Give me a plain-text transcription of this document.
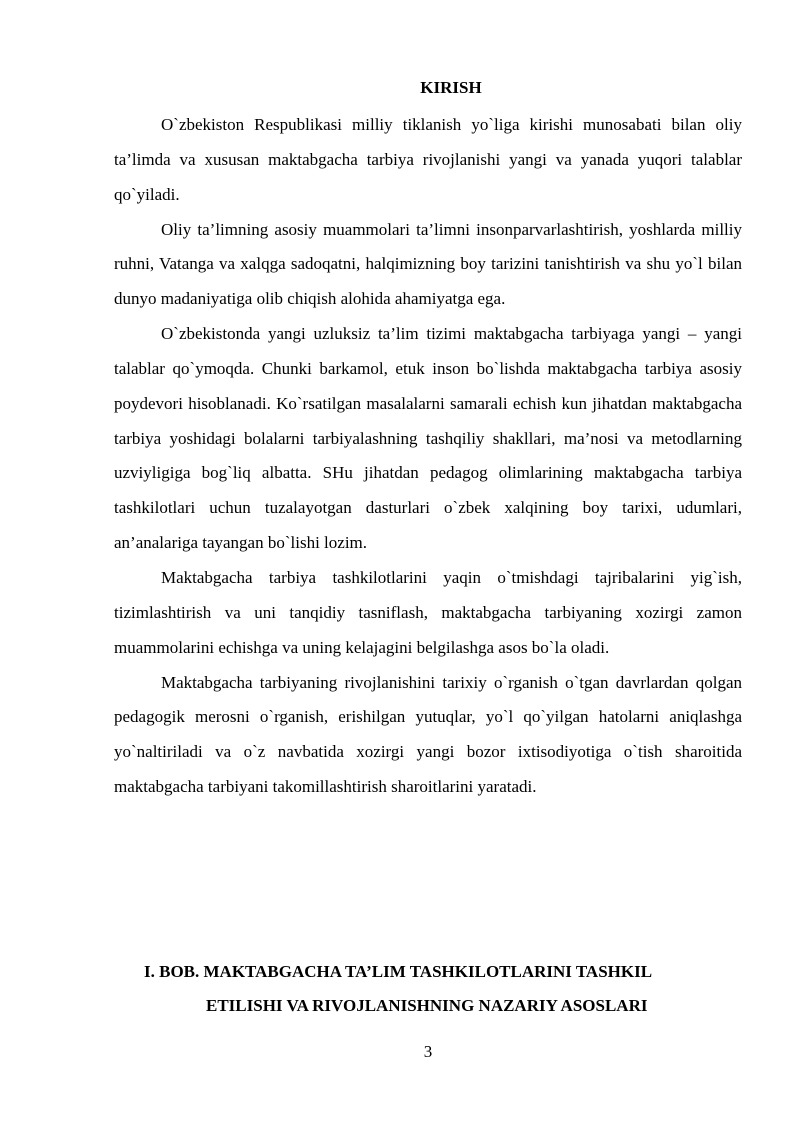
KIRISH

O`zbekiston Respublikasi milliy tiklanish yo`liga kirishi munosabati bilan oliy ta’limda va xususan maktabgacha tarbiya rivojlanishi yangi va yanada yuqori talablar qo`yiladi.

Oliy ta’limning asosiy muammolari ta’limni insonparvarlashtirish, yoshlarda milliy ruhni, Vatanga va xalqga sadoqatni, halqimizning boy tarizini tanishtirish va shu yo`l bilan dunyo madaniyatiga olib chiqish alohida ahamiyatga ega.

O`zbekistonda yangi uzluksiz ta’lim tizimi maktabgacha tarbiyaga yangi – yangi talablar qo`ymoqda. Chunki barkamol, etuk inson bo`lishda maktabgacha tarbiya asosiy poydevori hisoblanadi. Ko`rsatilgan masalalarni samarali echish kun jihatdan maktabgacha tarbiya yoshidagi bolalarni tarbiyalashning tashqiliy shakllari, ma’nosi va metodlarning uzviyligiga bog`liq albatta. SHu jihatdan pedagog olimlarining maktabgacha tarbiya tashkilotlari uchun tuzalayotgan dasturlari o`zbek xalqining boy tarixi, udumlari, an’analariga tayangan bo`lishi lozim.

Maktabgacha tarbiya tashkilotlarini yaqin o`tmishdagi tajribalarini yig`ish, tizimlashtirish va uni tanqidiy tasniflash, maktabgacha tarbiyaning xozirgi zamon muammolarini echishga va uning kelajagini belgilashga asos bo`la oladi.

Maktabgacha tarbiyaning rivojlanishini tarixiy o`rganish o`tgan davrlardan qolgan pedagogik merosni o`rganish, erishilgan yutuqlar, yo`l qo`yilgan hatolarni aniqlashga yo`naltiriladi va o`z navbatida xozirgi yangi bozor ixtisodiyotiga o`tish sharoitida maktabgacha tarbiyani takomillashtirish sharoitlarini yaratadi.

I. BOB. MAKTABGACHA TA’LIM TASHKILOTLARINI TASHKIL
ETILISHI VA RIVOJLANISHNING NAZARIY ASOSLARI
3
